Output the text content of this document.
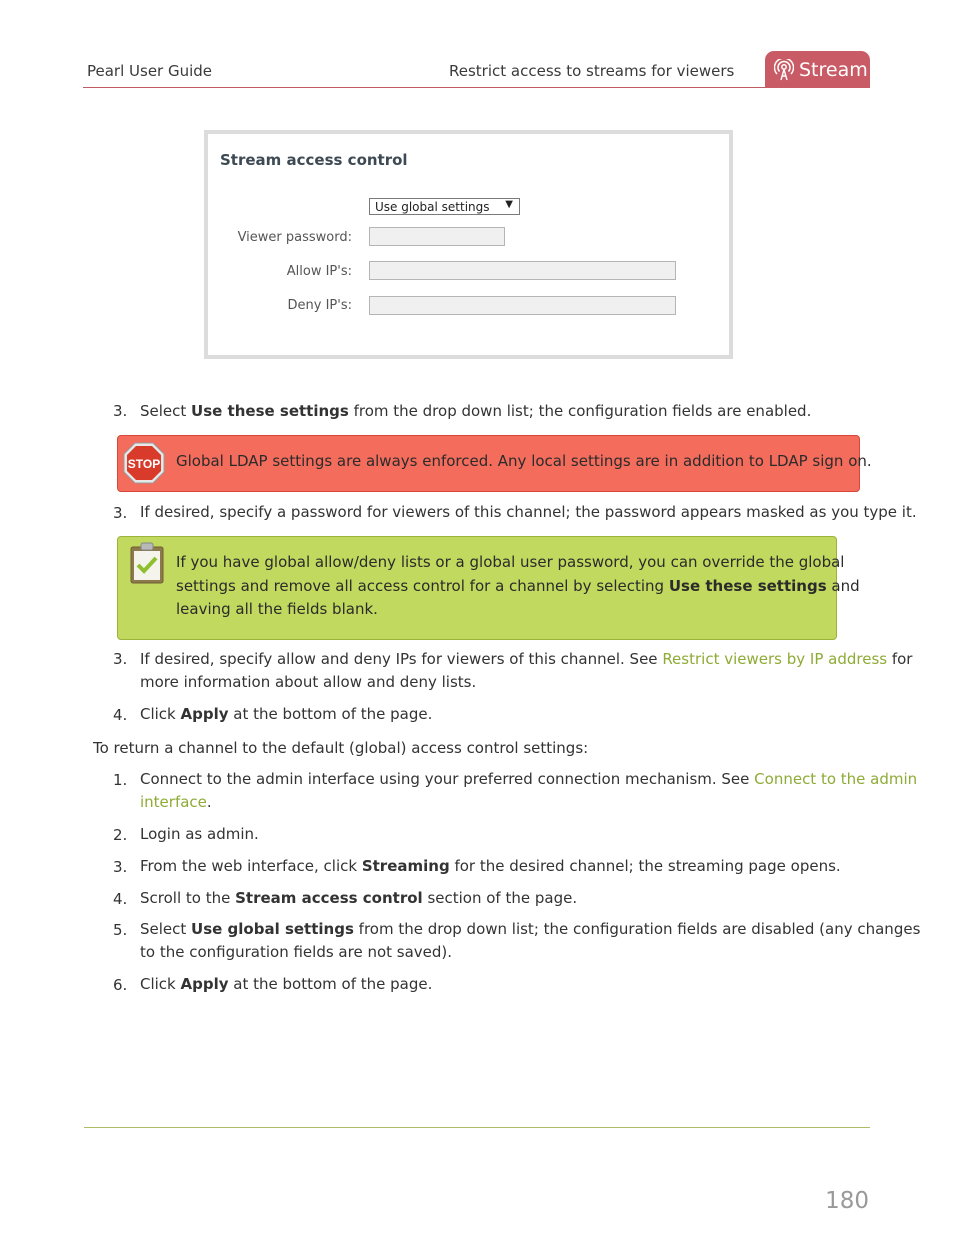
Pearl User Guide	Restrict access to streams for viewers	Stream
Stream access control
Use global settings ▼
Viewer password:
Allow IP's:
Deny IP's:
3. Select Use these settings from the drop down list; the configuration fields are enabled.
STOP Global LDAP settings are always enforced. Any local settings are in addition to LDAP sign on.
3. If desired, specify a password for viewers of this channel; the password appears masked as you type it.
If you have global allow/deny lists or a global user password, you can override the global
settings and remove all access control for a channel by selecting Use these settings and
leaving all the fields blank.
3. If desired, specify allow and deny IPs for viewers of this channel. See Restrict viewers by IP address for
more information about allow and deny lists.
4. Click Apply at the bottom of the page.
To return a channel to the default (global) access control settings:
1. Connect to the admin interface using your preferred connection mechanism. See Connect to the admin
interface.
2. Login as admin.
3. From the web interface, click Streaming for the desired channel; the streaming page opens.
4. Scroll to the Stream access control section of the page.
5. Select Use global settings from the drop down list; the configuration fields are disabled (any changes
to the configuration fields are not saved).
6. Click Apply at the bottom of the page.
180
